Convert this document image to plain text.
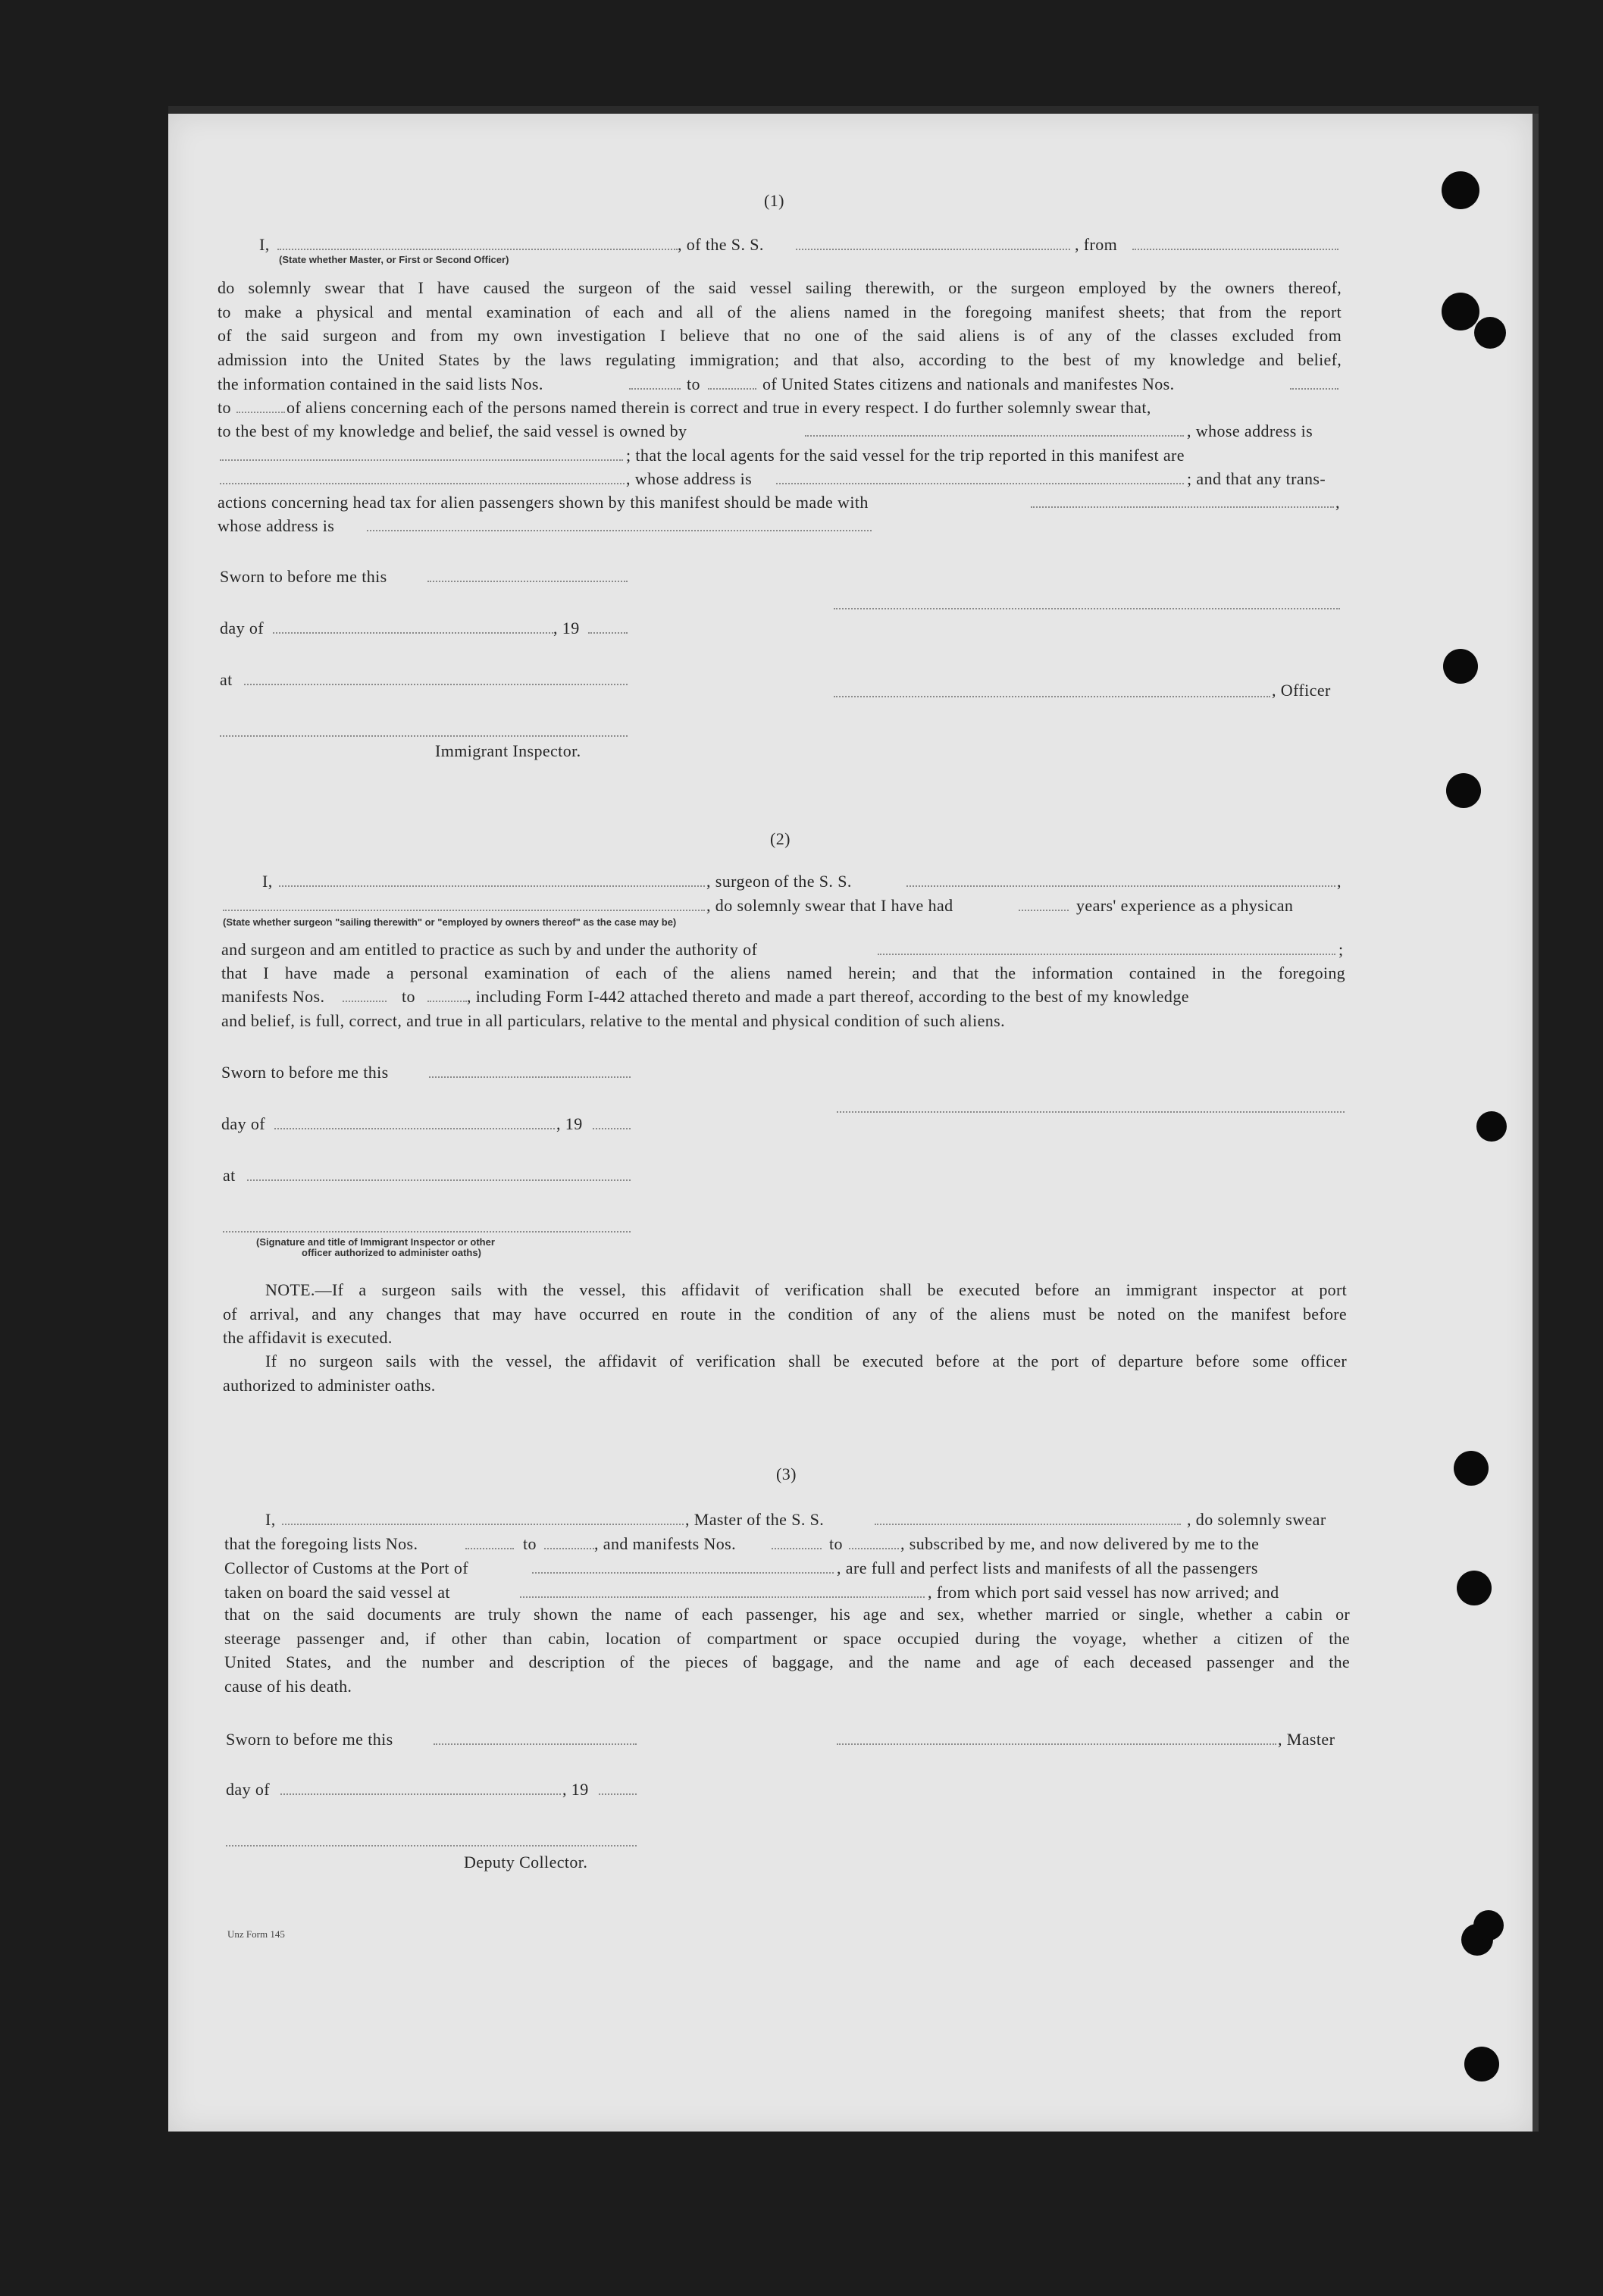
(1)
I,	, of the S. S.	, from
(State whether Master, or First or Second Officer)
do solemnly swear that I have caused the surgeon of the said vessel sailing therewith, or the surgeon employed by the owners thereof,
to make a physical and mental examination of each and all of the aliens named in the foregoing manifest sheets; that from the report
of the said surgeon and from my own investigation I believe that no one of the said aliens is of any of the classes excluded from
admission into the United States by the laws regulating immigration; and that also, according to the best of my knowledge and belief,
the information contained in the said lists Nos.	to	of United States citizens and nationals and manifestes Nos.
to	of aliens concerning each of the persons named therein is correct and true in every respect. I do further solemnly swear that,
to the best of my knowledge and belief, the said vessel is owned by	, whose address is
; that the local agents for the said vessel for the trip reported in this manifest are
, whose address is	; and that any trans-
actions concerning head tax for alien passengers shown by this manifest should be made with	,
whose address is
Sworn to before me this
day of	, 19
at
, Officer
Immigrant Inspector.
(2)
I,	, surgeon of the S. S.	,
, do solemnly swear that I have had	years' experience as a physican
(State whether surgeon "sailing therewith" or "employed by owners thereof" as the case may be)
and surgeon and am entitled to practice as such by and under the authority of	;
that I have made a personal examination of each of the aliens named herein; and that the information contained in the foregoing
manifests Nos.	to	, including Form I-442 attached thereto and made a part thereof, according to the best of my knowledge
and belief, is full, correct, and true in all particulars, relative to the mental and physical condition of such aliens.
Sworn to before me this
day of	, 19
at
(Signature and title of Immigrant Inspector or other
officer authorized to administer oaths)
NOTE.—If a surgeon sails with the vessel, this affidavit of verification shall be executed before an immigrant inspector at port
of arrival, and any changes that may have occurred en route in the condition of any of the aliens must be noted on the manifest before
the affidavit is executed.
If no surgeon sails with the vessel, the affidavit of verification shall be executed before at the port of departure before some officer
authorized to administer oaths.
(3)
I,	, Master of the S. S.	, do solemnly swear
that the foregoing lists Nos.	to	, and manifests Nos.	to	, subscribed by me, and now delivered by me to the
Collector of Customs at the Port of	, are full and perfect lists and manifests of all the passengers
taken on board the said vessel at	, from which port said vessel has now arrived; and
that on the said documents are truly shown the name of each passenger, his age and sex, whether married or single, whether a cabin or
steerage passenger and, if other than cabin, location of compartment or space occupied during the voyage, whether a citizen of the
United States, and the number and description of the pieces of baggage, and the name and age of each deceased passenger and the
cause of his death.
Sworn to before me this	, Master
day of	, 19
Deputy Collector.
Unz Form 145
